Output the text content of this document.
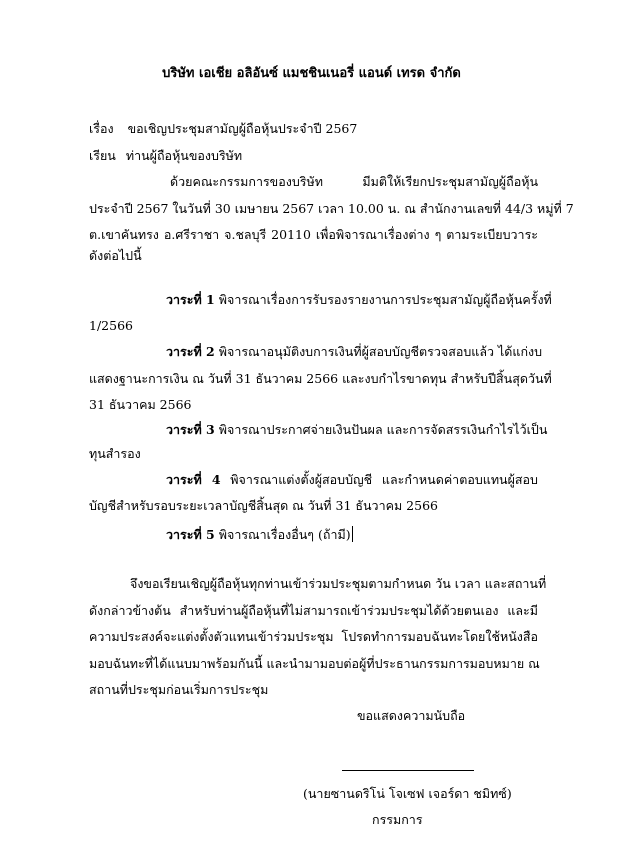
บริษัท เอเชีย อลิอันซ์ แมชชินเนอรี่ แอนด์ เทรด จำกัด
เรื่อง ขอเชิญประชุมสามัญผู้ถือหุ้นประจำปี 2567
เรียน ท่านผู้ถือหุ้นของบริษัท
ด้วยคณะกรรมการของบริษัท มีมติให้เรียกประชุมสามัญผู้ถือหุ้น
ประจำปี 2567 ในวันที่ 30 เมษายน 2567 เวลา 10.00 น. ณ สำนักงานเลขที่ 44/3 หมู่ที่ 7
ต.เขาคันทรง อ.ศรีราชา จ.ชลบุรี 20110 เพื่อพิจารณาเรื่องต่าง ๆ ตามระเบียบวาระ
ดังต่อไปนี้
วาระที่ 1 พิจารณาเรื่องการรับรองรายงานการประชุมสามัญผู้ถือหุ้นครั้งที่
1/2566
วาระที่ 2 พิจารณาอนุมัติงบการเงินที่ผู้สอบบัญชีตรวจสอบแล้ว ได้แก่งบ
แสดงฐานะการเงิน ณ วันที่ 31 ธันวาคม 2566 และงบกำไรขาดทุน สำหรับปีสิ้นสุดวันที่
31 ธันวาคม 2566
วาระที่ 3 พิจารณาประกาศจ่ายเงินปันผล และการจัดสรรเงินกำไรไว้เป็น
ทุนสำรอง
วาระที่ 4 พิจารณาแต่งตั้งผู้สอบบัญชี และกำหนดค่าตอบแทนผู้สอบ
บัญชีสำหรับรอบระยะเวลาบัญชีสิ้นสุด ณ วันที่ 31 ธันวาคม 2566
วาระที่ 5 พิจารณาเรื่องอื่นๆ (ถ้ามี)
จึงขอเรียนเชิญผู้ถือหุ้นทุกท่านเข้าร่วมประชุมตามกำหนด วัน เวลา และสถานที่
ดังกล่าวข้างต้น สำหรับท่านผู้ถือหุ้นที่ไม่สามารถเข้าร่วมประชุมได้ด้วยตนเอง และมี
ความประสงค์จะแต่งตั้งตัวแทนเข้าร่วมประชุม โปรดทำการมอบฉันทะโดยใช้หนังสือ
มอบฉันทะที่ได้แนบมาพร้อมกันนี้ และนำมามอบต่อผู้ที่ประธานกรรมการมอบหมาย ณ
สถานที่ประชุมก่อนเริ่มการประชุม
ขอแสดงความนับถือ
(นายซานดริโน่ โจเซฟ เจอร์ดา ชมิทซ์)
กรรมการ
